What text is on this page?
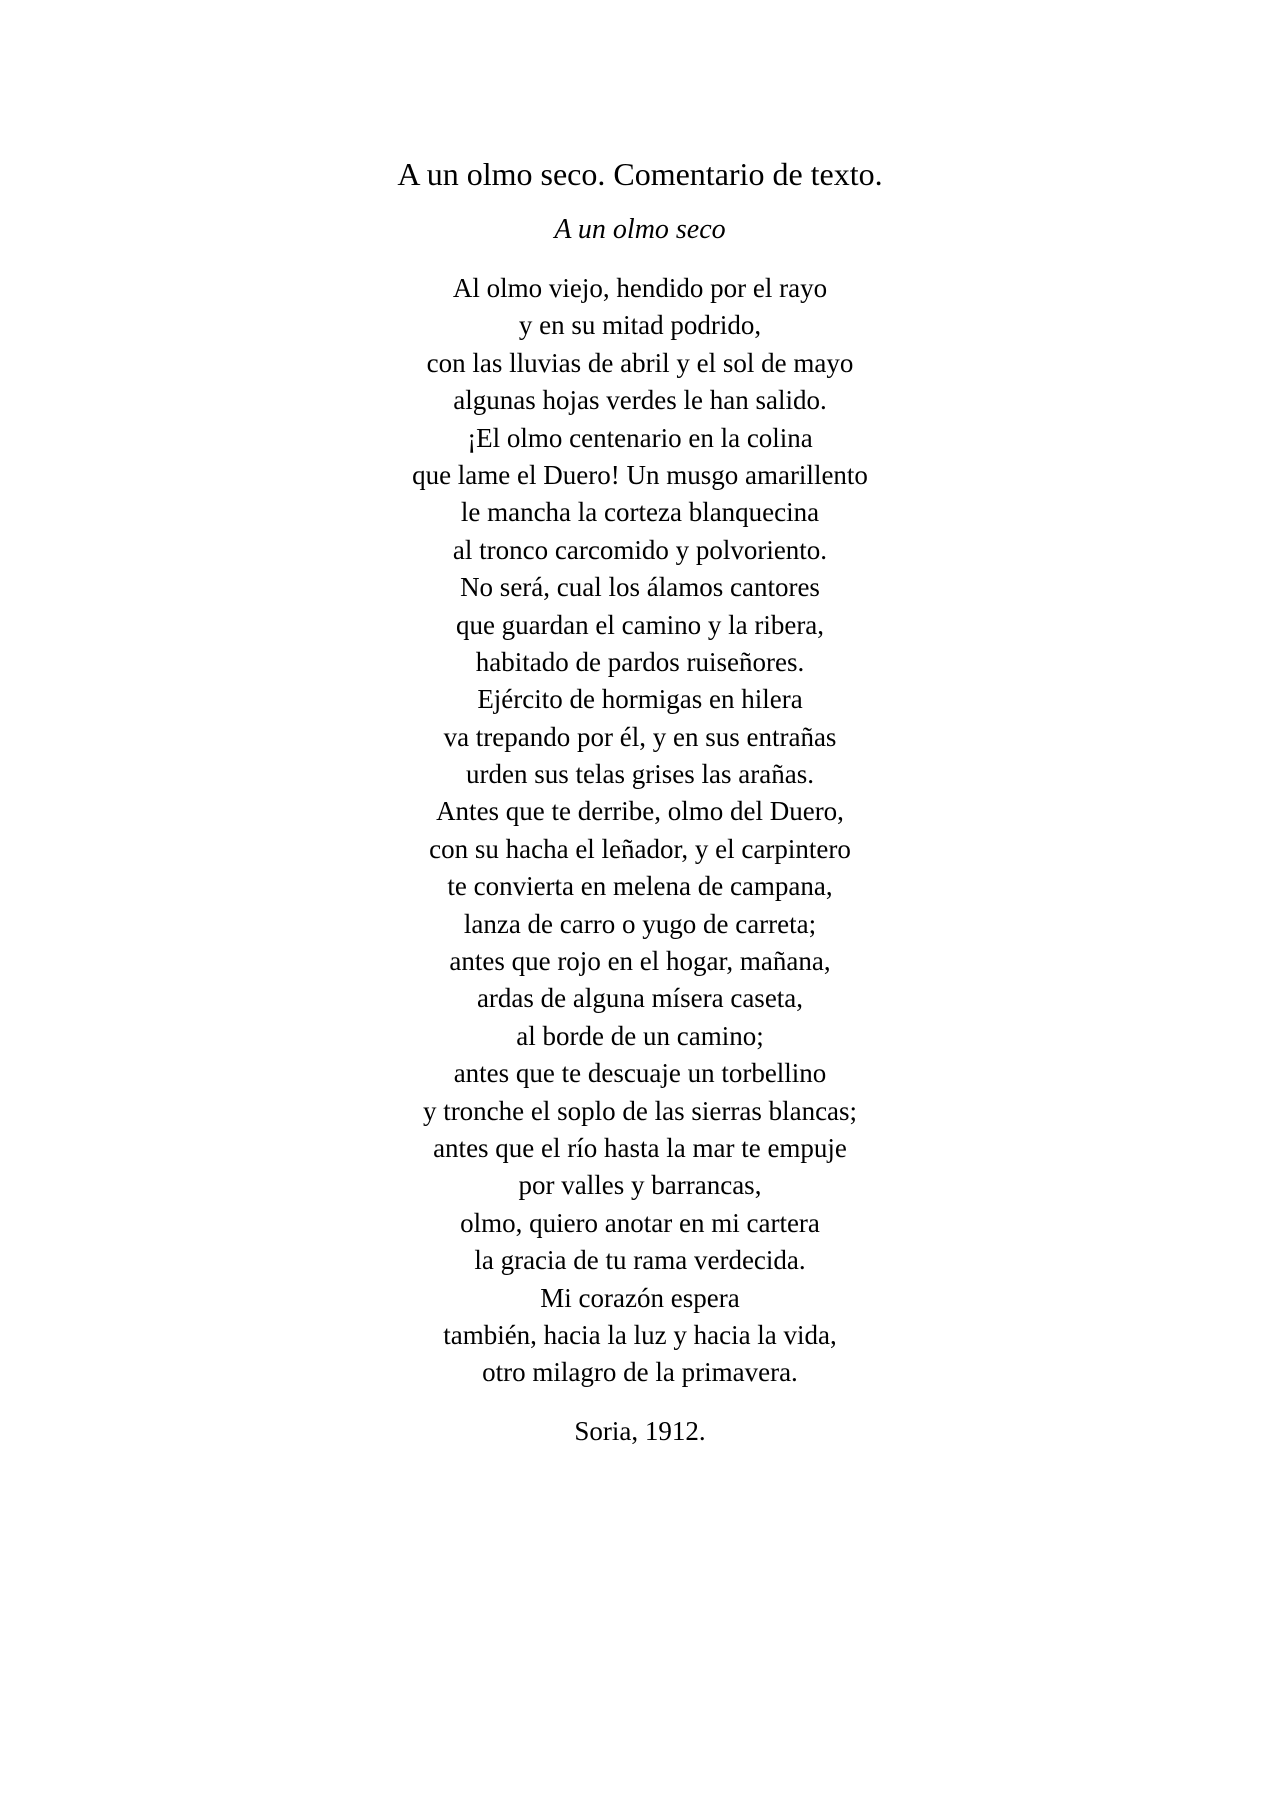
A un olmo seco. Comentario de texto.
A un olmo seco
Al olmo viejo, hendido por el rayo
y en su mitad podrido,
con las lluvias de abril y el sol de mayo
algunas hojas verdes le han salido.
¡El olmo centenario en la colina
que lame el Duero! Un musgo amarillento
le mancha la corteza blanquecina
al tronco carcomido y polvoriento.
No será, cual los álamos cantores
que guardan el camino y la ribera,
habitado de pardos ruiseñores.
Ejército de hormigas en hilera
va trepando por él, y en sus entrañas
urden sus telas grises las arañas.
Antes que te derribe, olmo del Duero,
con su hacha el leñador, y el carpintero
te convierta en melena de campana,
lanza de carro o yugo de carreta;
antes que rojo en el hogar, mañana,
ardas de alguna mísera caseta,
al borde de un camino;
antes que te descuaje un torbellino
y tronche el soplo de las sierras blancas;
antes que el río hasta la mar te empuje
por valles y barrancas,
olmo, quiero anotar en mi cartera
la gracia de tu rama verdecida.
Mi corazón espera
también, hacia la luz y hacia la vida,
otro milagro de la primavera.
Soria, 1912.
